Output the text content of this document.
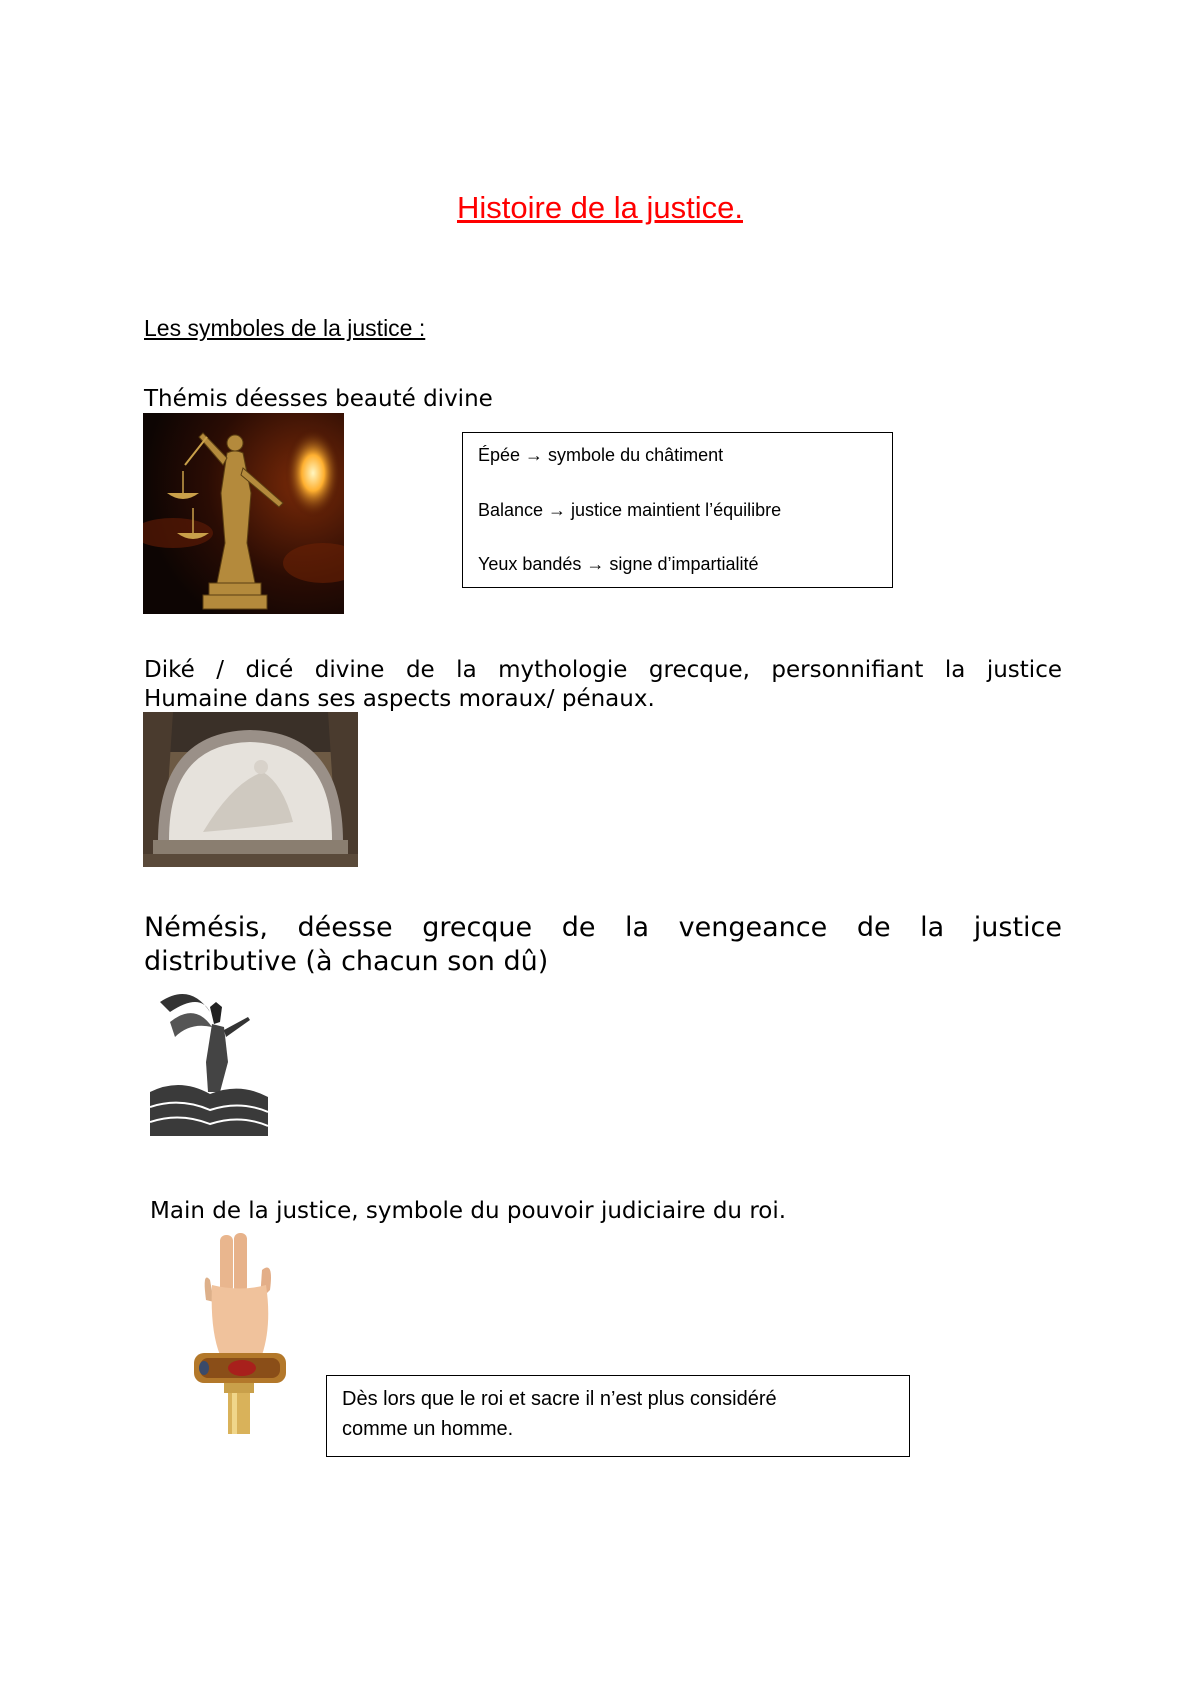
Histoire de la justice.
Les symboles de la justice :
Thémis déesses beauté divine
Épée → symbole du châtiment
Balance → justice maintient l’équilibre
Yeux bandés → signe d’impartialité
Diké / dicé divine de la mythologie grecque, personnifiant la justice
Humaine dans ses aspects moraux/ pénaux.
Némésis, déesse grecque de la vengeance de la justice
distributive (à chacun son dû)
Main de la justice, symbole du pouvoir judiciaire du roi.
Dès lors que le roi et sacre il n’est plus considéré
comme un homme.
